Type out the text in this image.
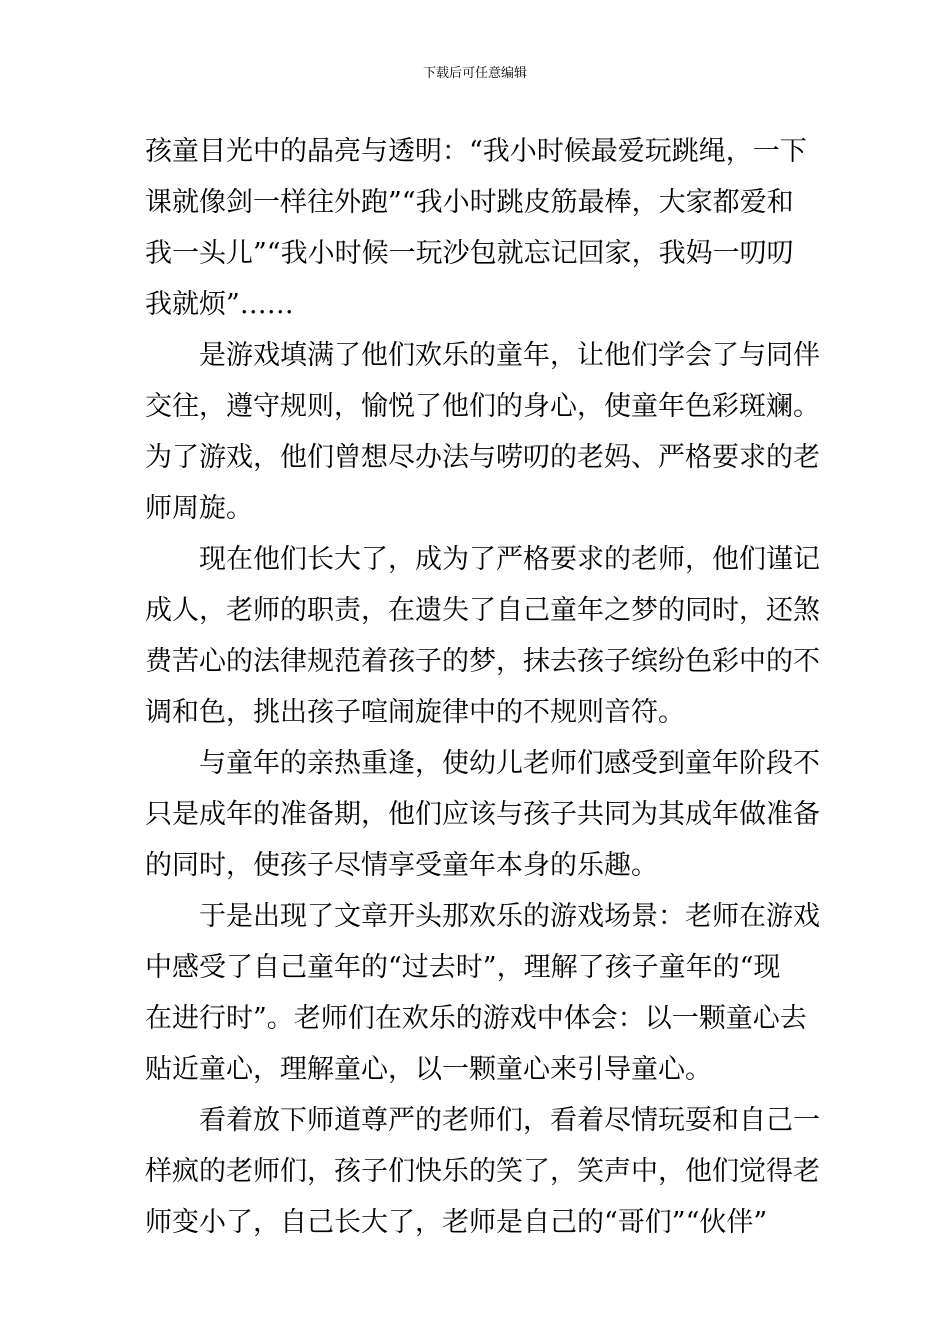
下载后可任意编辑
孩童目光中的晶亮与透明：“我小时候最爱玩跳绳，一下
课就像剑一样往外跑”“我小时跳皮筋最棒，大家都爱和
我一头儿”“我小时候一玩沙包就忘记回家，我妈一叨叨
我就烦”……
是游戏填满了他们欢乐的童年，让他们学会了与同伴
交往，遵守规则，愉悦了他们的身心，使童年色彩斑斓。
为了游戏，他们曾想尽办法与唠叨的老妈、严格要求的老
师周旋。
现在他们长大了，成为了严格要求的老师，他们谨记
成人，老师的职责，在遗失了自己童年之梦的同时，还煞
费苦心的法律规范着孩子的梦，抹去孩子缤纷色彩中的不
调和色，挑出孩子喧闹旋律中的不规则音符。
与童年的亲热重逢，使幼儿老师们感受到童年阶段不
只是成年的准备期，他们应该与孩子共同为其成年做准备
的同时，使孩子尽情享受童年本身的乐趣。
于是出现了文章开头那欢乐的游戏场景：老师在游戏
中感受了自己童年的“过去时”，理解了孩子童年的“现
在进行时”。老师们在欢乐的游戏中体会：以一颗童心去
贴近童心，理解童心，以一颗童心来引导童心。
看着放下师道尊严的老师们，看着尽情玩耍和自己一
样疯的老师们，孩子们快乐的笑了，笑声中，他们觉得老
师变小了，自己长大了，老师是自己的“哥们”“伙伴”
